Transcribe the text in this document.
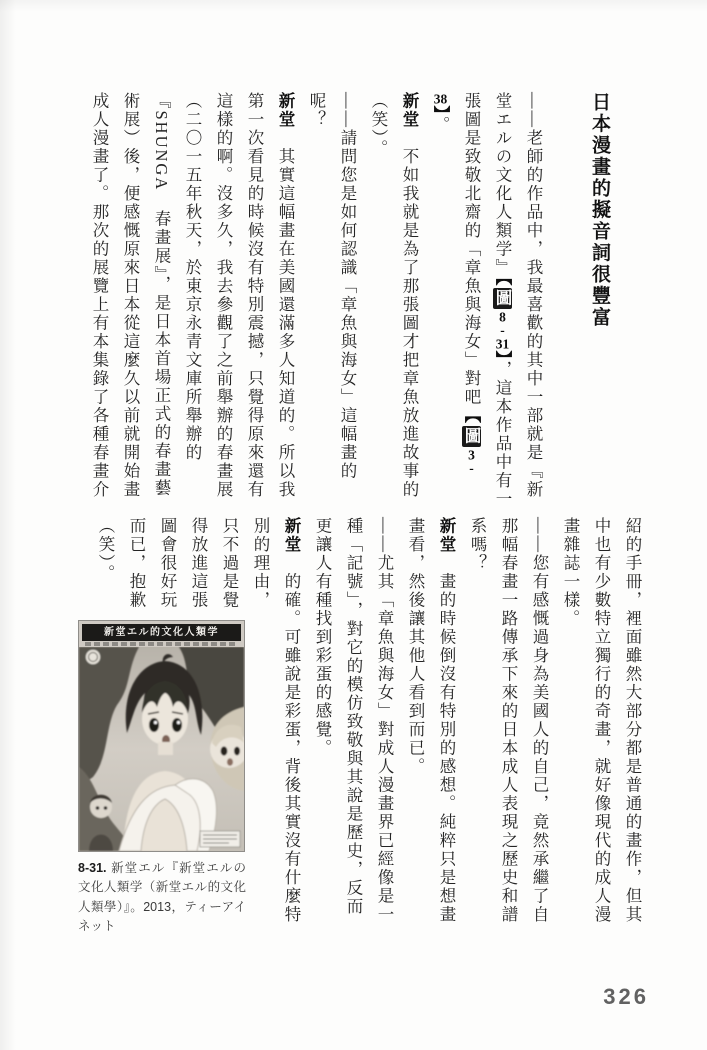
日本漫畫的擬音詞很豐富
——老師的作品中，我最喜歡的其中一部就是『新
堂エルの文化人類学』【圖8-31】，這本作品中有一
張圖是致敬北齋的「章魚與海女」對吧【圖3-
38】。
新堂　不如我就是為了那張圖才把章魚放進故事的
（笑）。
——請問您是如何認識「章魚與海女」這幅畫的
呢？
新堂　其實這幅畫在美國還滿多人知道的。所以我
第一次看見的時候沒有特別震撼，只覺得原來還有
這樣的啊。沒多久，我去參觀了之前舉辦的春畫展
（二〇一五年秋天，於東京永青文庫所舉辦的
『SHUNGA　春畫展』，是日本首場正式的春畫藝
術展）後，便感慨原來日本從這麼久以前就開始畫
成人漫畫了。那次的展覽上有本集錄了各種春畫介
紹的手冊，裡面雖然大部分都是普通的畫作，但其
中也有少數特立獨行的奇畫，就好像現代的成人漫
畫雜誌一樣。
——您有感慨過身為美國人的自己，竟然承繼了自
那幅春畫一路傳承下來的日本成人表現之歷史和譜
系嗎？
新堂　畫的時候倒沒有特別的感想。純粹只是想畫
畫看，然後讓其他人看到而已。
——尤其「章魚與海女」對成人漫畫界已經像是一
種「記號」，對它的模仿致敬與其說是歷史，反而
更讓人有種找到彩蛋的感覺。
新堂　的確。可雖說是彩蛋，背後其實沒有什麼特
別的理由，
只不過是覺
得放進這張
圖會很好玩
而已，抱歉
（笑）。
新堂エル的文化人類学
8-31. 新堂エル『新堂エルの文化人類学（新堂エル的文化人類學）』。2013，ティーアイネット
326
